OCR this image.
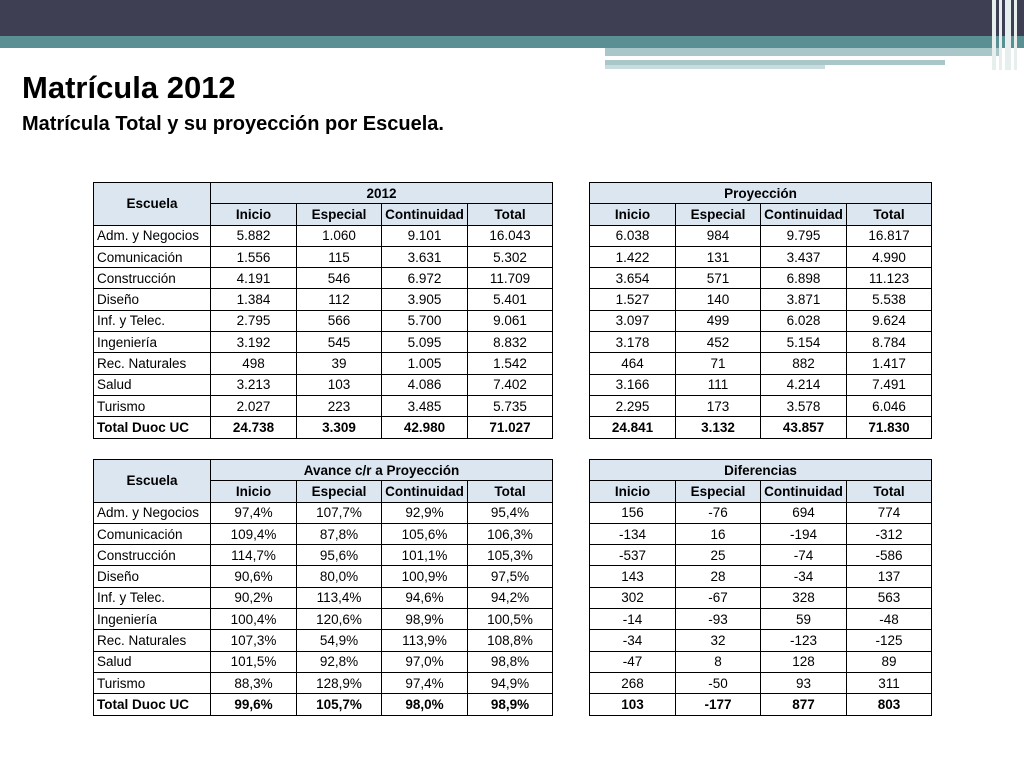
Matrícula 2012
Matrícula Total y su proyección por Escuela.
Escuela	2012			
	Inicio	Especial	Continuidad	Total
Adm. y Negocios	5.882	1.060	9.101	16.043
Comunicación	1.556	115	3.631	5.302
Construcción	4.191	546	6.972	11.709
Diseño	1.384	112	3.905	5.401
Inf. y Telec.	2.795	566	5.700	9.061
Ingeniería	3.192	545	5.095	8.832
Rec. Naturales	498	39	1.005	1.542
Salud	3.213	103	4.086	7.402
Turismo	2.027	223	3.485	5.735
Total Duoc UC	24.738	3.309	42.980	71.027
Proyección			
Inicio	Especial	Continuidad	Total
6.038	984	9.795	16.817
1.422	131	3.437	4.990
3.654	571	6.898	11.123
1.527	140	3.871	5.538
3.097	499	6.028	9.624
3.178	452	5.154	8.784
464	71	882	1.417
3.166	111	4.214	7.491
2.295	173	3.578	6.046
24.841	3.132	43.857	71.830
Escuela	Avance c/r a Proyección			
	Inicio	Especial	Continuidad	Total
Adm. y Negocios	97,4%	107,7%	92,9%	95,4%
Comunicación	109,4%	87,8%	105,6%	106,3%
Construcción	114,7%	95,6%	101,1%	105,3%
Diseño	90,6%	80,0%	100,9%	97,5%
Inf. y Telec.	90,2%	113,4%	94,6%	94,2%
Ingeniería	100,4%	120,6%	98,9%	100,5%
Rec. Naturales	107,3%	54,9%	113,9%	108,8%
Salud	101,5%	92,8%	97,0%	98,8%
Turismo	88,3%	128,9%	97,4%	94,9%
Total Duoc UC	99,6%	105,7%	98,0%	98,9%
Diferencias			
Inicio	Especial	Continuidad	Total
156	-76	694	774
-134	16	-194	-312
-537	25	-74	-586
143	28	-34	137
302	-67	328	563
-14	-93	59	-48
-34	32	-123	-125
-47	8	128	89
268	-50	93	311
103	-177	877	803
